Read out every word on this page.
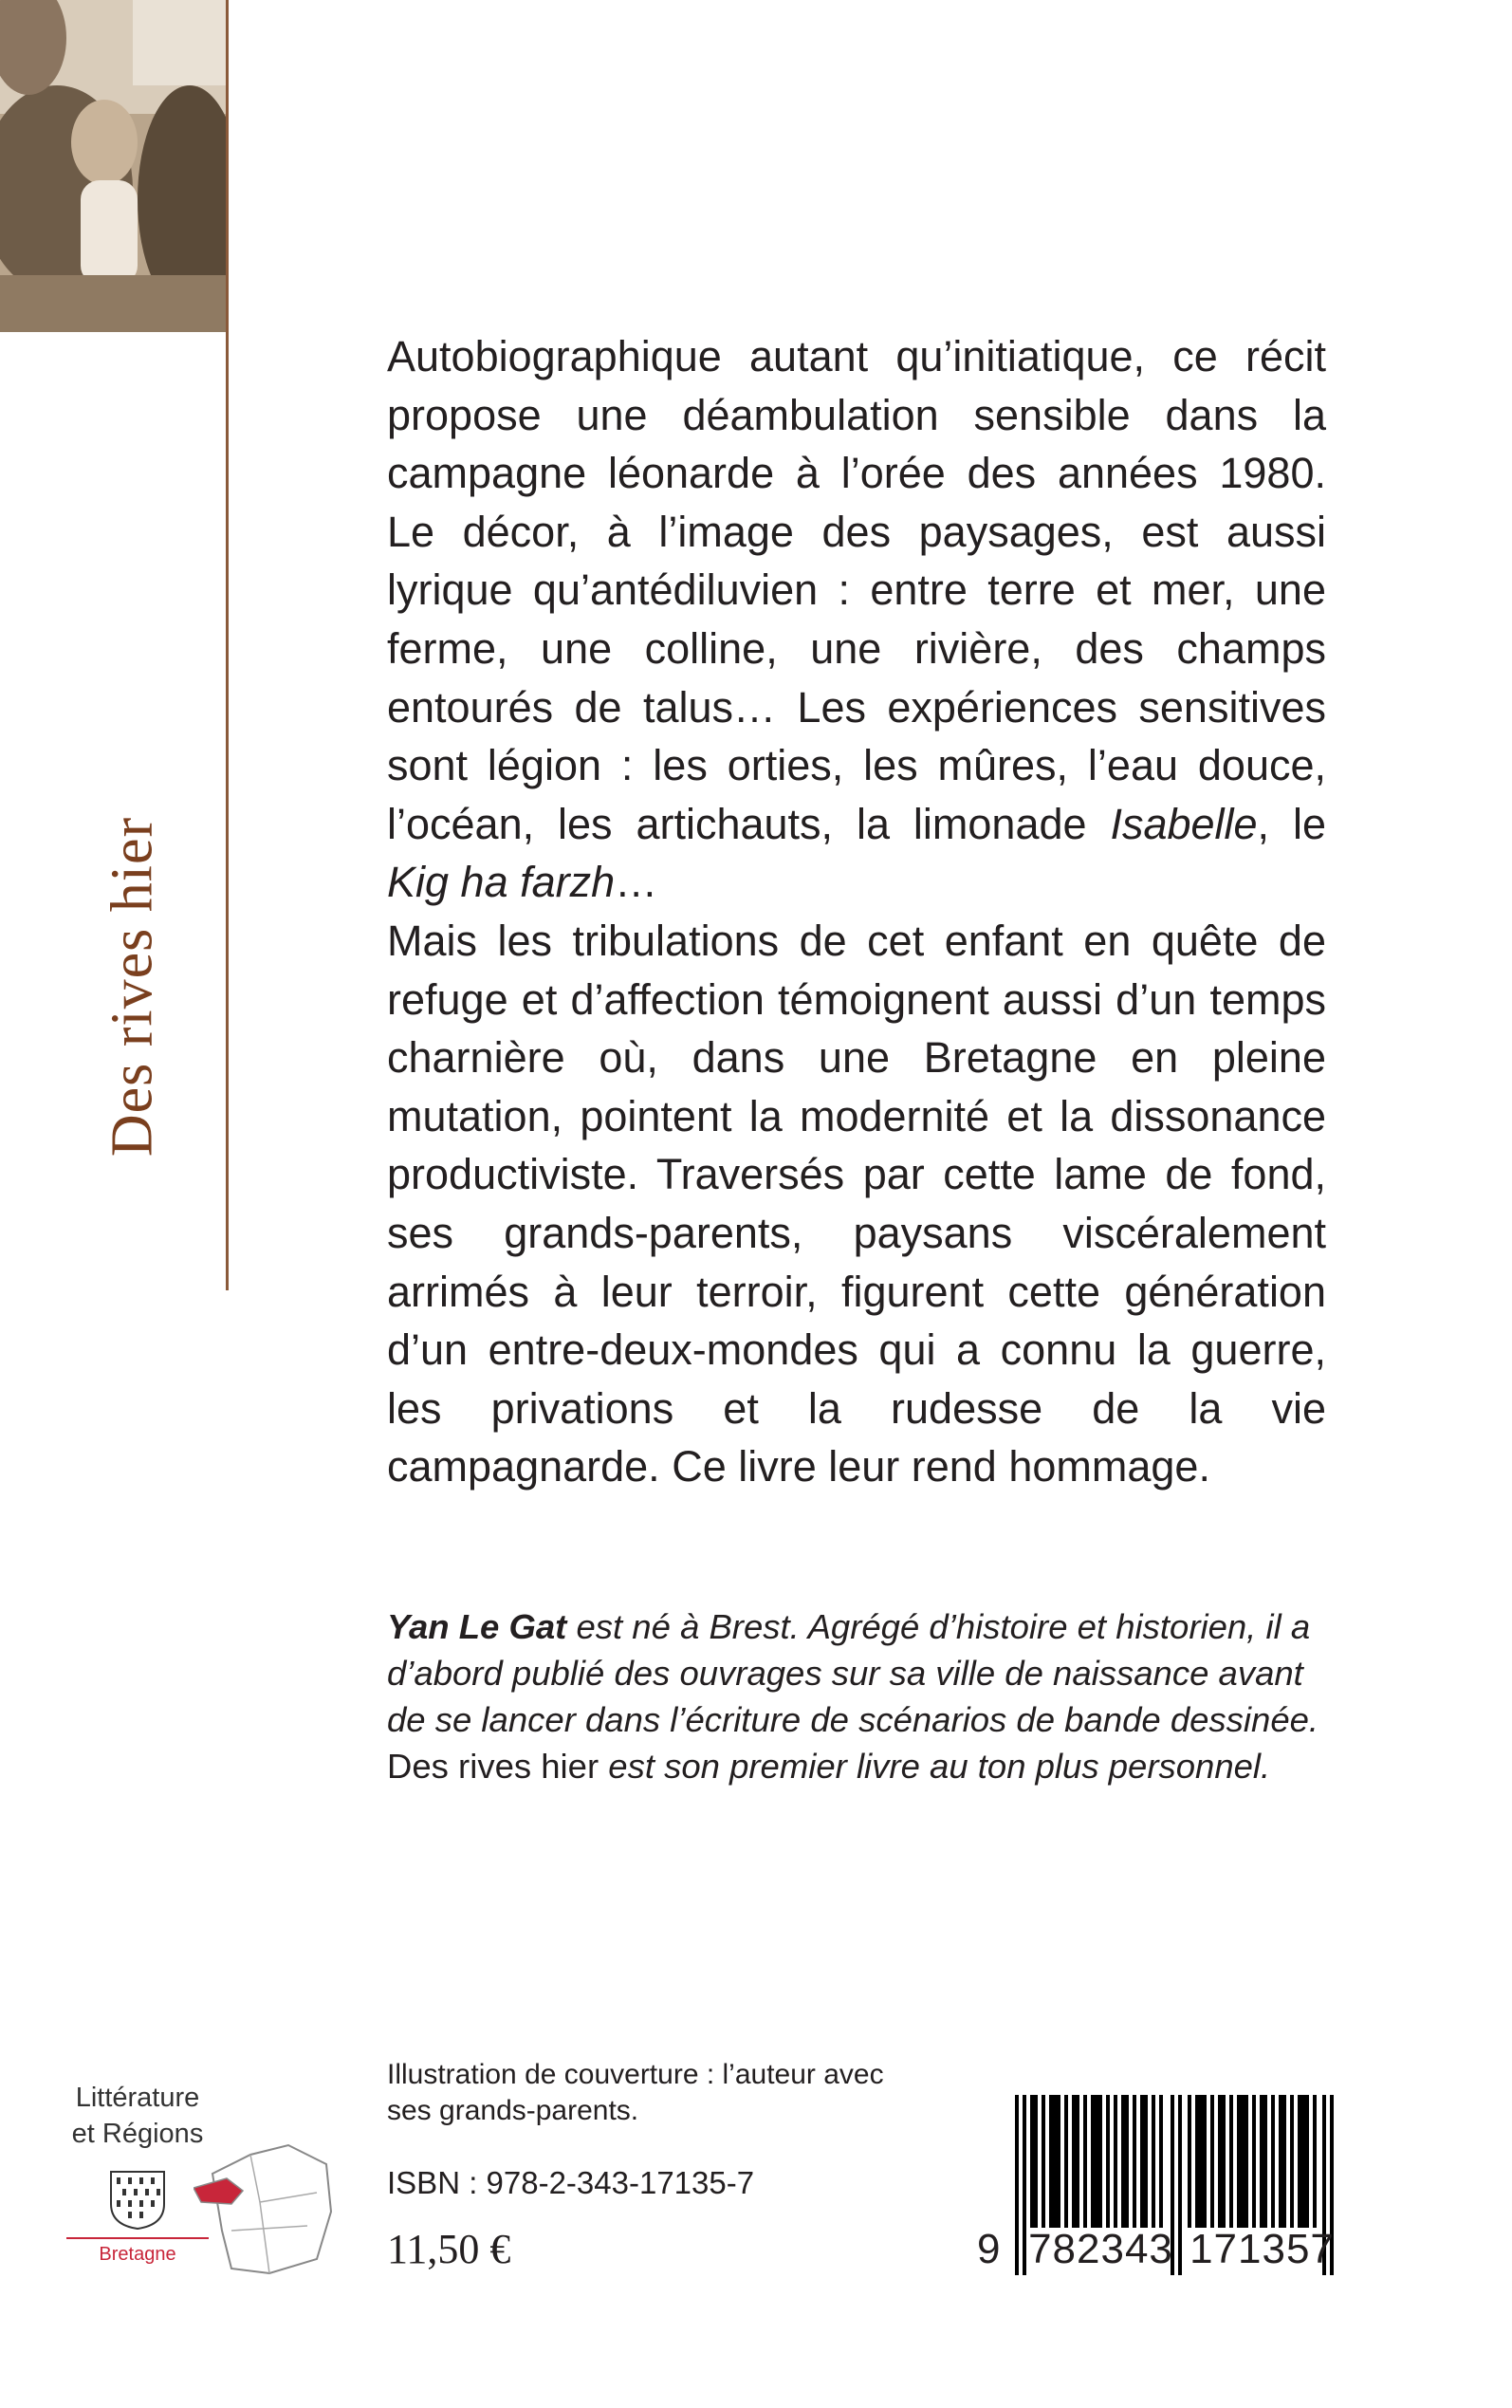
Des rives hier

Autobiographique autant qu’initiatique, ce récit propose une déambulation sensible dans la campagne léonarde à l’orée des années 1980. Le décor, à l’image des paysages, est aussi lyrique qu’antédiluvien : entre terre et mer, une ferme, une colline, une rivière, des champs entourés de talus… Les expériences sensitives sont légion : les orties, les mûres, l’eau douce, l’océan, les artichauts, la limonade Isabelle, le Kig ha farzh…

Mais les tribulations de cet enfant en quête de refuge et d’affection témoignent aussi d’un temps charnière où, dans une Bretagne en pleine mutation, pointent la modernité et la dissonance productiviste. Traversés par cette lame de fond, ses grands-parents, paysans viscéralement arrimés à leur terroir, figurent cette génération d’un entre-deux-mondes qui a connu la guerre, les privations et la rudesse de la vie campagnarde. Ce livre leur rend hommage.

Yan Le Gat est né à Brest. Agrégé d’histoire et historien, il a d’abord publié des ouvrages sur sa ville de naissance avant de se lancer dans l’écriture de scénarios de bande dessinée. Des rives hier est son premier livre au ton plus personnel.
Littérature
et Régions
Bretagne

Illustration de couverture : l’auteur avec ses grands-parents.

ISBN : 978-2-343-17135-7

11,50 €	9 782343 171357
